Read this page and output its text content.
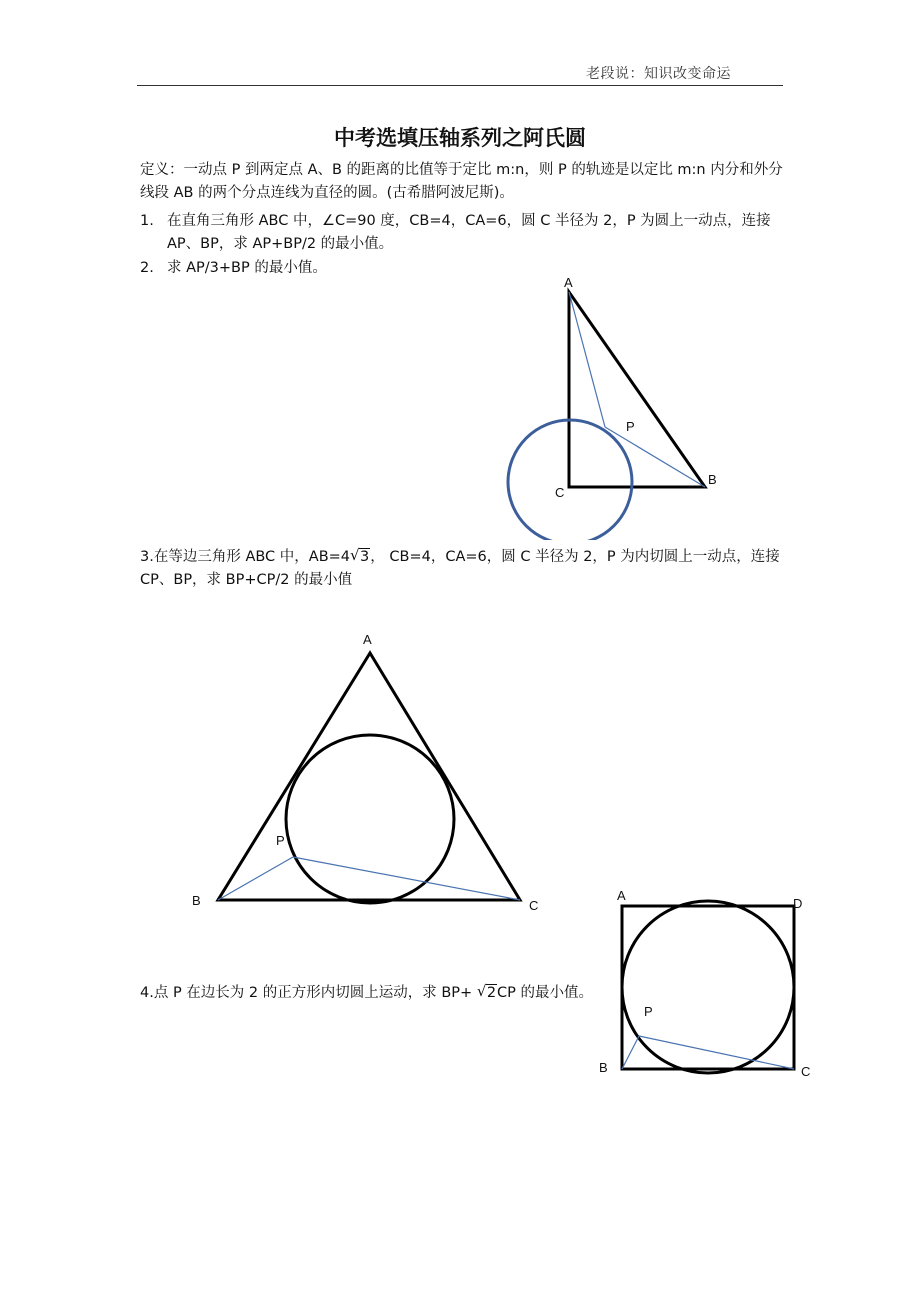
老段说：知识改变命运
中考选填压轴系列之阿氏圆
定义：一动点 P 到两定点 A、B 的距离的比值等于定比 m:n，则 P 的轨迹是以定比 m:n 内分和外分线段 AB 的两个分点连线为直径的圆。(古希腊阿波尼斯)。
1. 在直角三角形 ABC 中，∠C=90 度，CB=4，CA=6，圆 C 半径为 2，P 为圆上一动点，连接 AP、BP，求 AP+BP/2 的最小值。
2. 求 AP/3+BP 的最小值。
A
P
B
C
3.在等边三角形 ABC 中，AB=4 √ 3， CB=4，CA=6，圆 C 半径为 2，P 为内切圆上一动点，连接 CP、BP，求 BP+CP/2 的最小值
A
P
B	C
4.点 P 在边长为 2 的正方形内切圆上运动，求 BP+ √ 2CP 的最小值。
A
D
P
B	C
